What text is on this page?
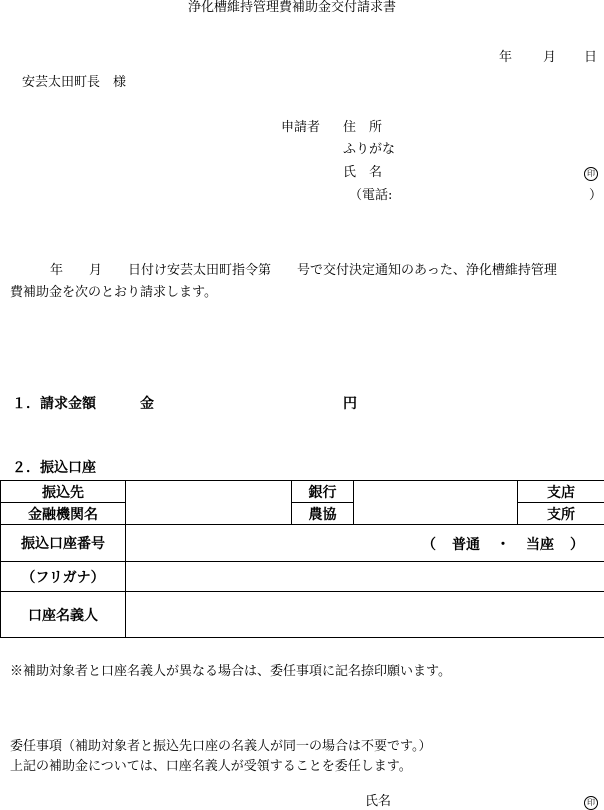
浄化槽維持管理費補助金交付請求書
年 月 日
安芸太田町長　様
申請者 住　所
ふりがな
氏　名	印
（電話:	）
年　　月　　日付け安芸太田町指令第　　号で交付決定通知のあった、浄化槽維持管理
費補助金を次のとおり請求します。
１．請求金額	金	円
２．振込口座
振込先		銀行		支店
金融機関名		農協		支所
振込口座番号	（ 普通 ・ 当座 ）			

（フリガナ）				
口座名義人				
※補助対象者と口座名義人が異なる場合は、委任事項に記名捺印願います。
委任事項（補助対象者と振込先口座の名義人が同一の場合は不要です。）
上記の補助金については、口座名義人が受領することを委任します。
氏名	印
